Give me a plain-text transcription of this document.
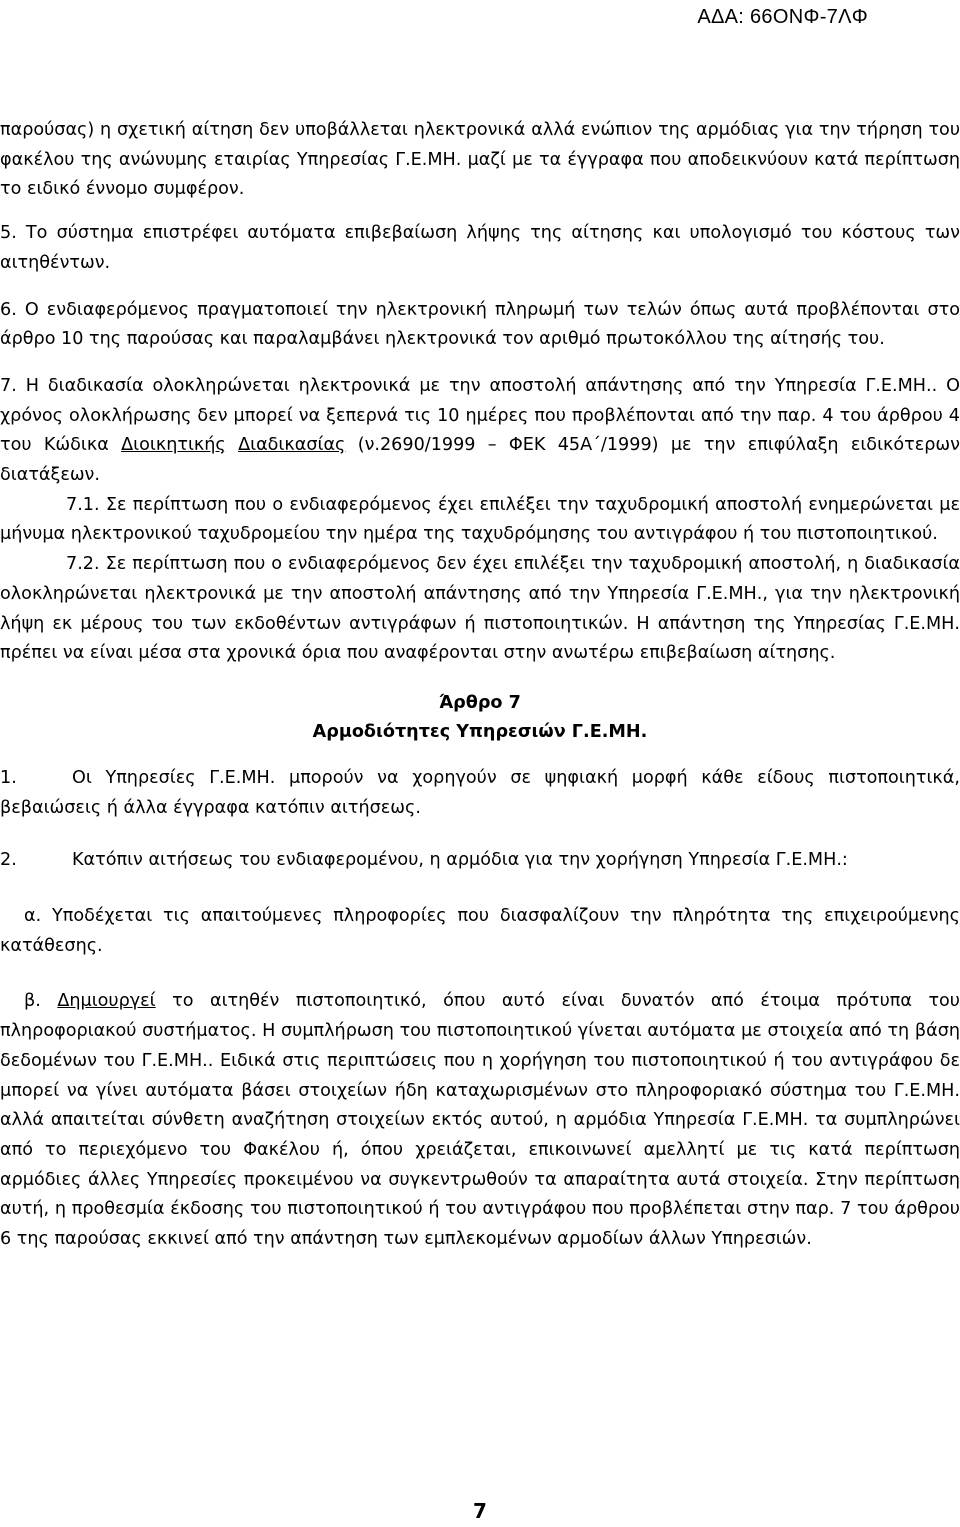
ΑΔΑ: 66ΟΝΦ-7ΛΦ

παρούσας) η σχετική αίτηση δεν υποβάλλεται ηλεκτρονικά αλλά ενώπιον της αρμόδιας για την τήρηση του φακέλου της ανώνυμης εταιρίας Υπηρεσίας Γ.Ε.ΜΗ. μαζί με τα έγγραφα που αποδεικνύουν κατά περίπτωση το ειδικό έννομο συμφέρον.

5. Το σύστημα επιστρέφει αυτόματα επιβεβαίωση λήψης της αίτησης και υπολογισμό του κόστους των αιτηθέντων.

6. Ο ενδιαφερόμενος πραγματοποιεί την ηλεκτρονική πληρωμή των τελών όπως αυτά προβλέπονται στο άρθρο 10 της παρούσας και παραλαμβάνει ηλεκτρονικά τον αριθμό πρωτοκόλλου της αίτησής του.

7. Η διαδικασία ολοκληρώνεται ηλεκτρονικά με την αποστολή απάντησης από την Υπηρεσία Γ.Ε.ΜΗ.. Ο χρόνος ολοκλήρωσης δεν μπορεί να ξεπερνά τις 10 ημέρες που προβλέπονται από την παρ. 4 του άρθρου 4 του Κώδικα Διοικητικής Διαδικασίας (ν.2690/1999 – ΦΕΚ 45Α΄/1999) με την επιφύλαξη ειδικότερων διατάξεων.

7.1. Σε περίπτωση που ο ενδιαφερόμενος έχει επιλέξει την ταχυδρομική αποστολή ενημερώνεται με μήνυμα ηλεκτρονικού ταχυδρομείου την ημέρα της ταχυδρόμησης του αντιγράφου ή του πιστοποιητικού.

7.2. Σε περίπτωση που ο ενδιαφερόμενος δεν έχει επιλέξει την ταχυδρομική αποστολή, η διαδικασία ολοκληρώνεται ηλεκτρονικά με την αποστολή απάντησης από την Υπηρεσία Γ.Ε.ΜΗ., για την ηλεκτρονική λήψη εκ μέρους του των εκδοθέντων αντιγράφων ή πιστοποιητικών. Η απάντηση της Υπηρεσίας Γ.Ε.ΜΗ. πρέπει να είναι μέσα στα χρονικά όρια που αναφέρονται στην ανωτέρω επιβεβαίωση αίτησης.

Άρθρο 7

Αρμοδιότητες Υπηρεσιών Γ.Ε.ΜΗ.

1.	Οι Υπηρεσίες Γ.Ε.ΜΗ. μπορούν να χορηγούν σε ψηφιακή μορφή κάθε είδους πιστοποιητικά, βεβαιώσεις ή άλλα έγγραφα κατόπιν αιτήσεως.

2.	Κατόπιν αιτήσεως του ενδιαφερομένου, η αρμόδια για την χορήγηση Υπηρεσία Γ.Ε.ΜΗ.:

α. Υποδέχεται τις απαιτούμενες πληροφορίες που διασφαλίζουν την πληρότητα της επιχειρούμενης κατάθεσης.

β. Δημιουργεί το αιτηθέν πιστοποιητικό, όπου αυτό είναι δυνατόν από έτοιμα πρότυπα του πληροφοριακού συστήματος. Η συμπλήρωση του πιστοποιητικού γίνεται αυτόματα με στοιχεία από τη βάση δεδομένων του Γ.Ε.ΜΗ.. Ειδικά στις περιπτώσεις που η χορήγηση του πιστοποιητικού ή του αντιγράφου δε μπορεί να γίνει αυτόματα βάσει στοιχείων ήδη καταχωρισμένων στο πληροφοριακό σύστημα του Γ.Ε.ΜΗ. αλλά απαιτείται σύνθετη αναζήτηση στοιχείων εκτός αυτού, η αρμόδια Υπηρεσία Γ.Ε.ΜΗ. τα συμπληρώνει από το περιεχόμενο του Φακέλου ή, όπου χρειάζεται, επικοινωνεί αμελλητί με τις κατά περίπτωση αρμόδιες άλλες Υπηρεσίες προκειμένου να συγκεντρωθούν τα απαραίτητα αυτά στοιχεία. Στην περίπτωση αυτή, η προθεσμία έκδοσης του πιστοποιητικού ή του αντιγράφου που προβλέπεται στην παρ. 7 του άρθρου 6 της παρούσας εκκινεί από την απάντηση των εμπλεκομένων αρμοδίων άλλων Υπηρεσιών.

7
